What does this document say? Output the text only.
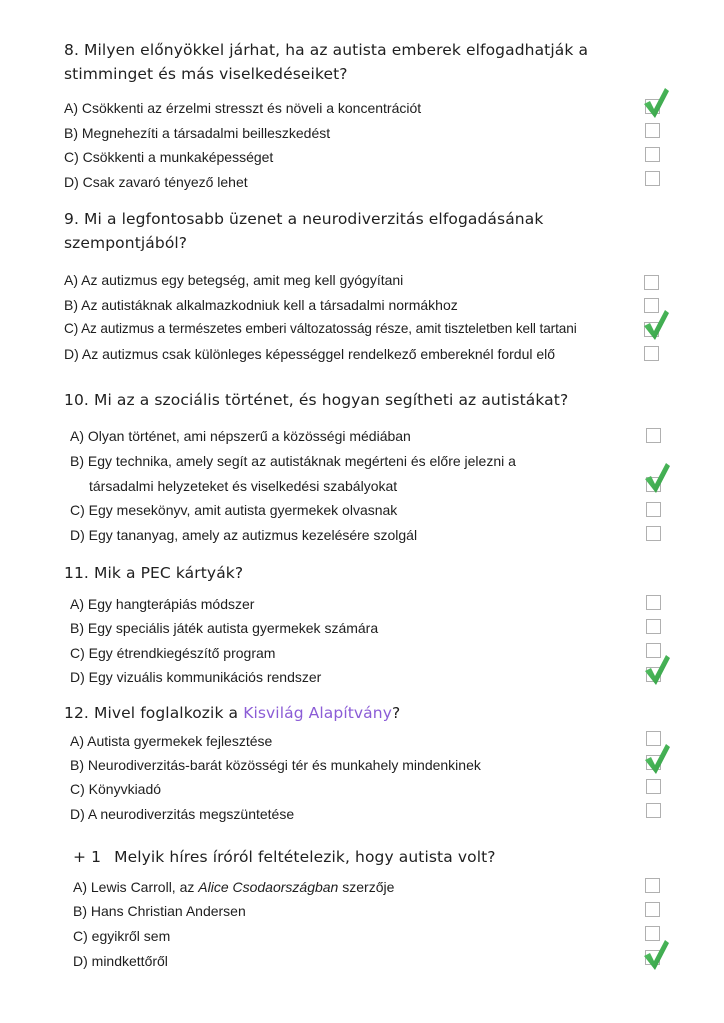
8. Milyen előnyökkel járhat, ha az autista emberek elfogadhatják a
stimminget és más viselkedéseiket?
A) Csökkenti az érzelmi stresszt és növeli a koncentrációt
B) Megnehezíti a társadalmi beilleszkedést
C) Csökkenti a munkaképességet
D) Csak zavaró tényező lehet
9. Mi a legfontosabb üzenet a neurodiverzitás elfogadásának
szempontjából?
A) Az autizmus egy betegség, amit meg kell gyógyítani
B) Az autistáknak alkalmazkodniuk kell a társadalmi normákhoz
C) Az autizmus a természetes emberi változatosság része, amit tiszteletben kell tartani
D) Az autizmus csak különleges képességgel rendelkező embereknél fordul elő
10. Mi az a szociális történet, és hogyan segítheti az autistákat?
A) Olyan történet, ami népszerű a közösségi médiában
B) Egy technika, amely segít az autistáknak megérteni és előre jelezni a
társadalmi helyzeteket és viselkedési szabályokat
C) Egy mesekönyv, amit autista gyermekek olvasnak
D) Egy tananyag, amely az autizmus kezelésére szolgál
11. Mik a PEC kártyák?
A) Egy hangterápiás módszer
B) Egy speciális játék autista gyermekek számára
C) Egy étrendkiegészítő program
D) Egy vizuális kommunikációs rendszer
12. Mivel foglalkozik a Kisvilág Alapítvány?
A) Autista gyermekek fejlesztése
B) Neurodiverzitás-barát közösségi tér és munkahely mindenkinek
C) Könyvkiadó
D) A neurodiverzitás megszüntetése
+ 1 Melyik híres íróról feltételezik, hogy autista volt?
A) Lewis Carroll, az Alice Csodaországban szerzője
B) Hans Christian Andersen
C) egyikről sem
D) mindkettőről
